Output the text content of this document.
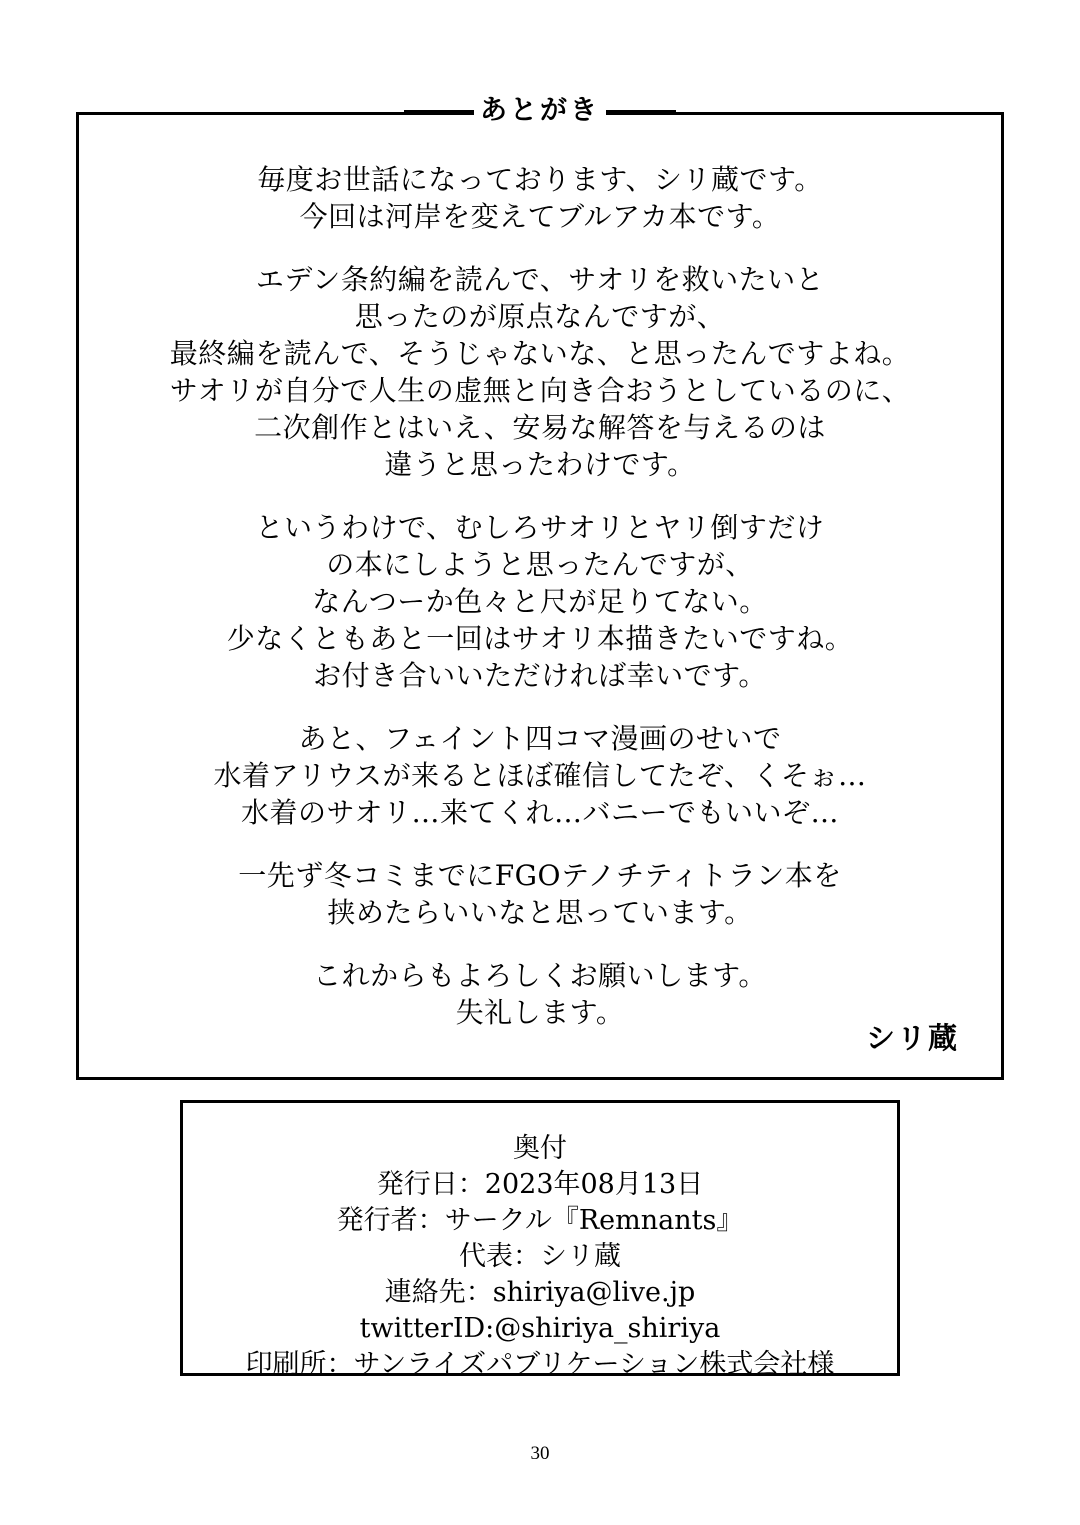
あとがき
毎度お世話になっております、シリ蔵です。
今回は河岸を変えてブルアカ本です。
エデン条約編を読んで、サオリを救いたいと
思ったのが原点なんですが、
最終編を読んで、そうじゃないな、と思ったんですよね。
サオリが自分で人生の虚無と向き合おうとしているのに、
二次創作とはいえ、安易な解答を与えるのは
違うと思ったわけです。
というわけで、むしろサオリとヤリ倒すだけ
の本にしようと思ったんですが、
なんつーか色々と尺が足りてない。
少なくともあと一回はサオリ本描きたいですね。
お付き合いいただければ幸いです。
あと、フェイント四コマ漫画のせいで
水着アリウスが来るとほぼ確信してたぞ、くそぉ…
水着のサオリ…来てくれ…バニーでもいいぞ…
一先ず冬コミまでにFGOテノチティトラン本を
挟めたらいいなと思っています。
これからもよろしくお願いします。
失礼します。
シリ蔵
奥付
発行日：2023年08月13日
発行者：サークル『Remnants』
代表：シリ蔵
連絡先：shiriya@live.jp
twitterID:@shiriya_shiriya
印刷所：サンライズパブリケーション株式会社様
30
